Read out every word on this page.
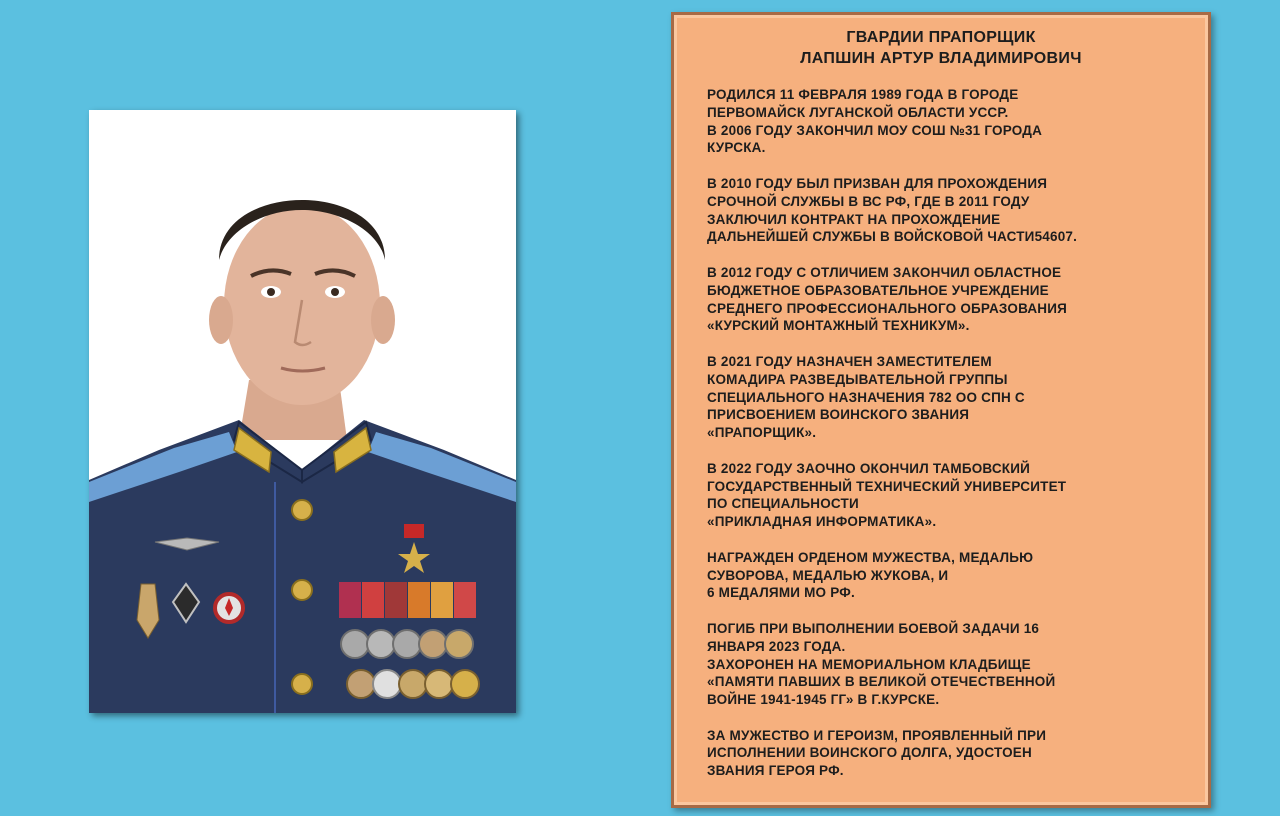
ГВАРДИИ ПРАПОРЩИК
ЛАПШИН АРТУР ВЛАДИМИРОВИЧ

РОДИЛСЯ 11 ФЕВРАЛЯ 1989 ГОДА В ГОРОДЕ
ПЕРВОМАЙСК ЛУГАНСКОЙ ОБЛАСТИ УССР.
В 2006 ГОДУ ЗАКОНЧИЛ МОУ СОШ №31 ГОРОДА
КУРСКА.

В 2010 ГОДУ БЫЛ ПРИЗВАН ДЛЯ ПРОХОЖДЕНИЯ
СРОЧНОЙ СЛУЖБЫ В ВС РФ, ГДЕ В 2011 ГОДУ
ЗАКЛЮЧИЛ КОНТРАКТ НА ПРОХОЖДЕНИЕ
ДАЛЬНЕЙШЕЙ СЛУЖБЫ В ВОЙСКОВОЙ ЧАСТИ54607.

В 2012 ГОДУ С ОТЛИЧИЕМ ЗАКОНЧИЛ ОБЛАСТНОЕ
БЮДЖЕТНОЕ ОБРАЗОВАТЕЛЬНОЕ УЧРЕЖДЕНИЕ
СРЕДНЕГО ПРОФЕССИОНАЛЬНОГО ОБРАЗОВАНИЯ
«КУРСКИЙ МОНТАЖНЫЙ ТЕХНИКУМ».

В 2021 ГОДУ НАЗНАЧЕН ЗАМЕСТИТЕЛЕМ
КОМАДИРА РАЗВЕДЫВАТЕЛЬНОЙ ГРУППЫ
СПЕЦИАЛЬНОГО НАЗНАЧЕНИЯ 782 ОО СПН С
ПРИСВОЕНИЕМ ВОИНСКОГО ЗВАНИЯ
«ПРАПОРЩИК».

В 2022 ГОДУ ЗАОЧНО ОКОНЧИЛ ТАМБОВСКИЙ
ГОСУДАРСТВЕННЫЙ ТЕХНИЧЕСКИЙ УНИВЕРСИТЕТ
ПО СПЕЦИАЛЬНОСТИ
«ПРИКЛАДНАЯ ИНФОРМАТИКА».

НАГРАЖДЕН ОРДЕНОМ МУЖЕСТВА, МЕДАЛЬЮ
СУВОРОВА, МЕДАЛЬЮ ЖУКОВА, И
6 МЕДАЛЯМИ МО РФ.

ПОГИБ ПРИ ВЫПОЛНЕНИИ БОЕВОЙ ЗАДАЧИ 16
ЯНВАРЯ 2023 ГОДА.
ЗАХОРОНЕН НА МЕМОРИАЛЬНОМ КЛАДБИЩЕ
«ПАМЯТИ ПАВШИХ В ВЕЛИКОЙ ОТЕЧЕСТВЕННОЙ
ВОЙНЕ 1941-1945 ГГ» В Г.КУРСКЕ.

ЗА МУЖЕСТВО И ГЕРОИЗМ, ПРОЯВЛЕННЫЙ ПРИ
ИСПОЛНЕНИИ ВОИНСКОГО ДОЛГА, УДОСТОЕН
ЗВАНИЯ ГЕРОЯ РФ.
